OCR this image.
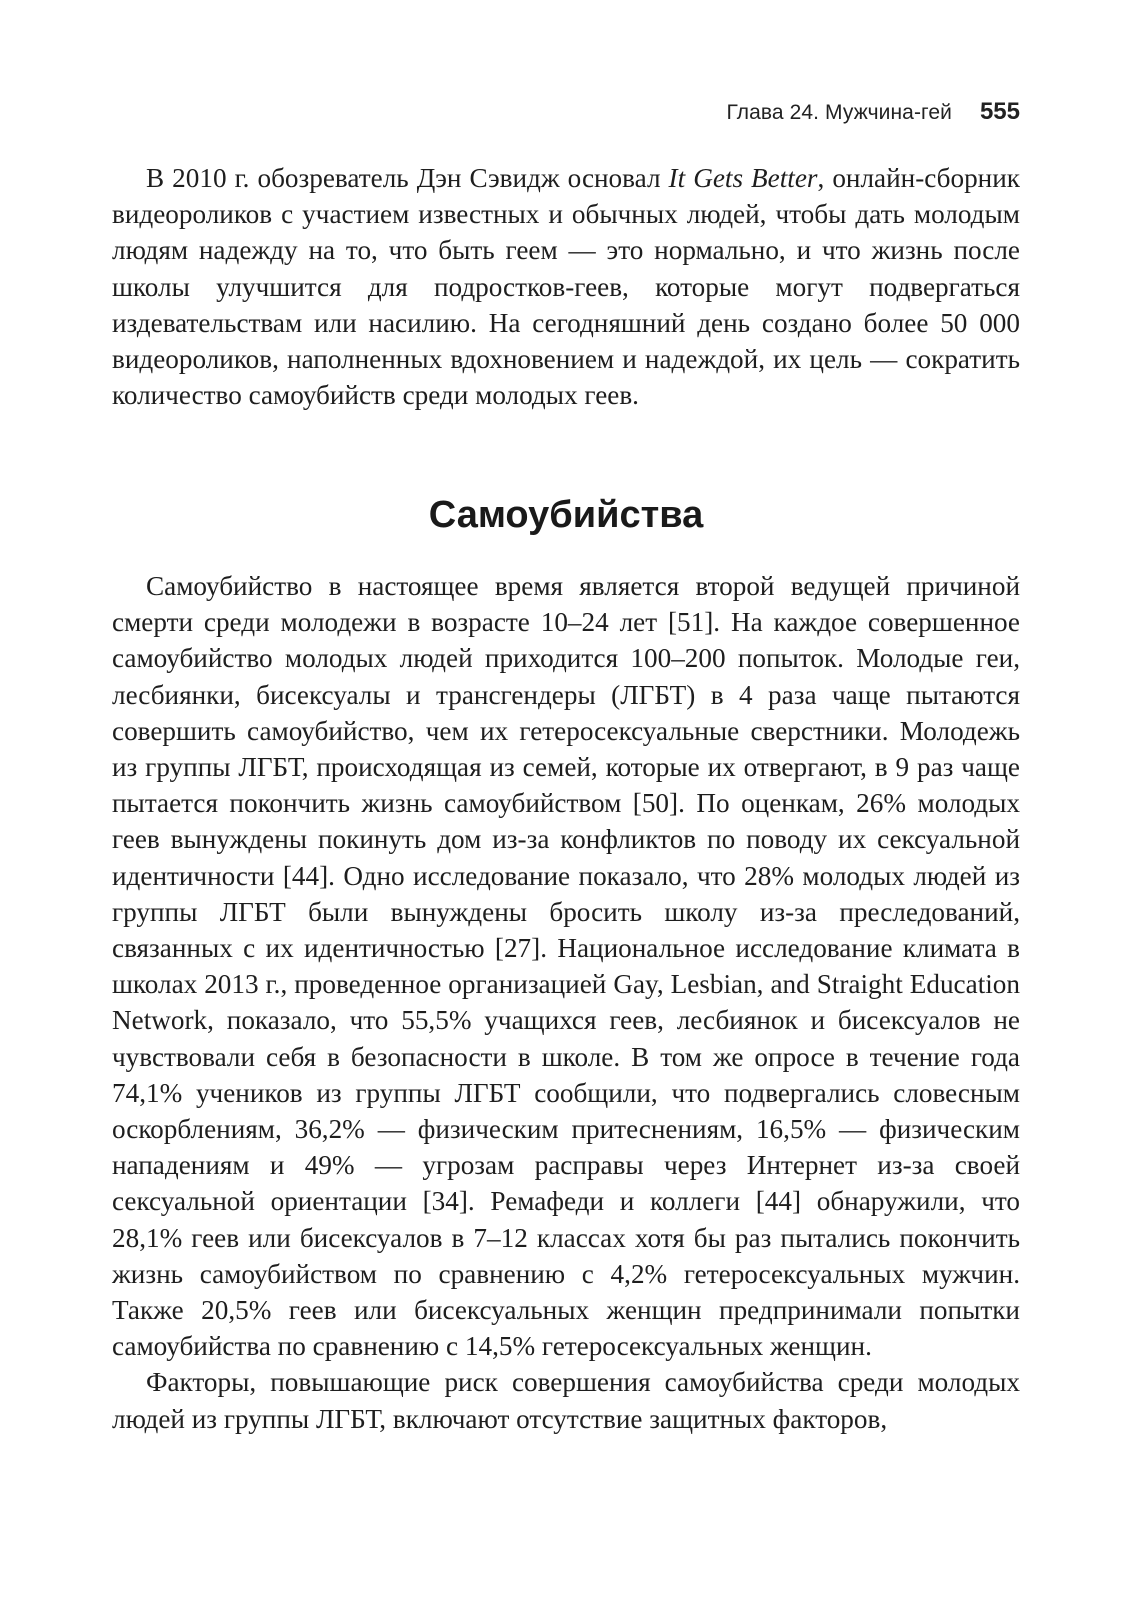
Глава 24. Мужчина-гей 555

В 2010 г. обозреватель Дэн Сэвидж основал It Gets Better, онлайн-сборник видеороликов с участием известных и обычных людей, чтобы дать молодым людям надежду на то, что быть геем — это нормально, и что жизнь после школы улучшится для подростков-геев, которые могут подвергаться издевательствам или насилию. На сегодняшний день создано более 50 000 видеороликов, наполненных вдохновением и надеждой, их цель — сократить количество самоубийств среди молодых геев.

Самоубийства

Самоубийство в настоящее время является второй ведущей причиной смерти среди молодежи в возрасте 10–24 лет [51]. На каждое совершенное самоубийство молодых людей приходится 100–200 попыток. Молодые геи, лесбиянки, бисексуалы и трансгендеры (ЛГБТ) в 4 раза чаще пытаются совершить самоубийство, чем их гетеросексуальные сверстники. Молодежь из группы ЛГБТ, происходящая из семей, которые их отвергают, в 9 раз чаще пытается покончить жизнь самоубийством [50]. По оценкам, 26% молодых геев вынуждены покинуть дом из-за конфликтов по поводу их сексуальной идентичности [44]. Одно исследование показало, что 28% молодых людей из группы ЛГБТ были вынуждены бросить школу из-за преследований, связанных с их идентичностью [27]. Национальное исследование климата в школах 2013 г., проведенное организацией Gay, Lesbian, and Straight Education Network, показало, что 55,5% учащихся геев, лесбиянок и бисексуалов не чувствовали себя в безопасности в школе. В том же опросе в течение года 74,1% учеников из группы ЛГБТ сообщили, что подвергались словесным оскорблениям, 36,2% — физическим притеснениям, 16,5% — физическим нападениям и 49% — угрозам расправы через Интернет из-за своей сексуальной ориентации [34]. Ремафеди и коллеги [44] обнаружили, что 28,1% геев или бисексуалов в 7–12 классах хотя бы раз пытались покончить жизнь самоубийством по сравнению с 4,2% гетеросексуальных мужчин. Также 20,5% геев или бисексуальных женщин предпринимали попытки самоубийства по сравнению с 14,5% гетеросексуальных женщин.

Факторы, повышающие риск совершения самоубийства среди молодых людей из группы ЛГБТ, включают отсутствие защитных факторов,
